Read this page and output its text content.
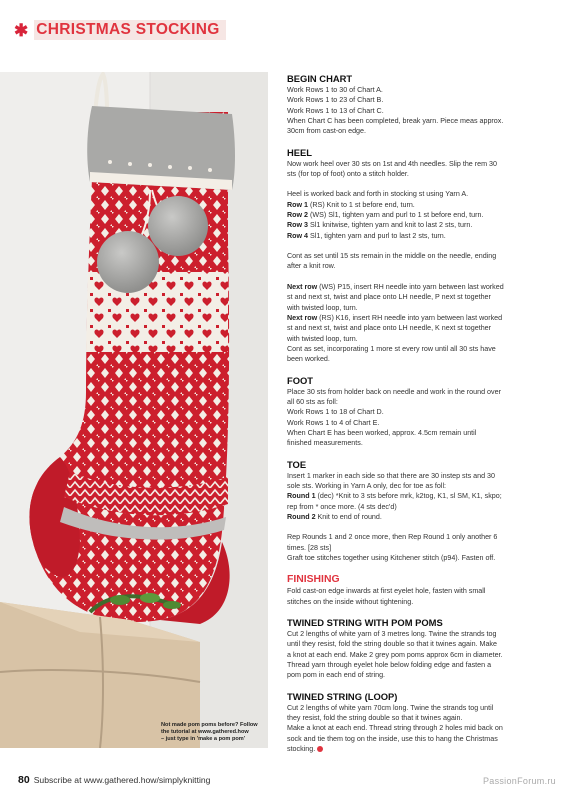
✱ CHRISTMAS STOCKING
Not made pom poms before? Follow
the tutorial at www.gathered.how
– just type in 'make a pom pom'
BEGIN CHART

Work Rows 1 to 30 of Chart A.
Work Rows 1 to 23 of Chart B.
Work Rows 1 to 13 of Chart C.
When Chart C has been completed, break yarn. Piece meas approx.
30cm from cast-on edge.

HEEL

Now work heel over 30 sts on 1st and 4th needles. Slip the rem 30
sts (for top of foot) onto a stitch holder.

Heel is worked back and forth in stocking st using Yarn A.
Row 1 (RS) Knit to 1 st before end, turn.
Row 2 (WS) Sl1, tighten yarn and purl to 1 st before end, turn.
Row 3 Sl1 knitwise, tighten yarn and knit to last 2 sts, turn.
Row 4 Sl1, tighten yarn and purl to last 2 sts, turn.

Cont as set until 15 sts remain in the middle on the needle, ending
after a knit row.

Next row (WS) P15, insert RH needle into yarn between last worked
st and next st, twist and place onto LH needle, P next st together
with twisted loop, turn.
Next row (RS) K16, insert RH needle into yarn between last worked
st and next st, twist and place onto LH needle, K next st together
with twisted loop, turn.
Cont as set, incorporating 1 more st every row until all 30 sts have
been worked.

FOOT

Place 30 sts from holder back on needle and work in the round over
all 60 sts as foll:
Work Rows 1 to 18 of Chart D.
Work Rows 1 to 4 of Chart E.
When Chart E has been worked, approx. 4.5cm remain until
finished measurements.

TOE

Insert 1 marker in each side so that there are 30 instep sts and 30
sole sts. Working in Yarn A only, dec for toe as foll:
Round 1 (dec) *Knit to 3 sts before mrk, k2tog, K1, sl SM, K1, skpo;
rep from * once more. (4 sts dec'd)
Round 2 Knit to end of round.

Rep Rounds 1 and 2 once more, then Rep Round 1 only another 6
times. [28 sts]
Graft toe stitches together using Kitchener stitch (p94). Fasten off.

FINISHING

Fold cast-on edge inwards at first eyelet hole, fasten with small
stitches on the inside without tightening.

TWINED STRING WITH POM POMS

Cut 2 lengths of white yarn of 3 metres long. Twine the strands tog
until they resist, fold the string double so that it twines again. Make
a knot at each end. Make 2 grey pom poms approx 6cm in diameter.
Thread yarn through eyelet hole below folding edge and fasten a
pom pom in each end of string.

TWINED STRING (LOOP)

Cut 2 lengths of white yarn 70cm long. Twine the strands tog until
they resist, fold the string double so that it twines again.
Make a knot at each end. Thread string through 2 holes mid back on
sock and tie them tog on the inside, use this to hang the Christmas
stocking.

80 Subscribe at www.gathered.how/simplyknitting	PassionForum.ru
